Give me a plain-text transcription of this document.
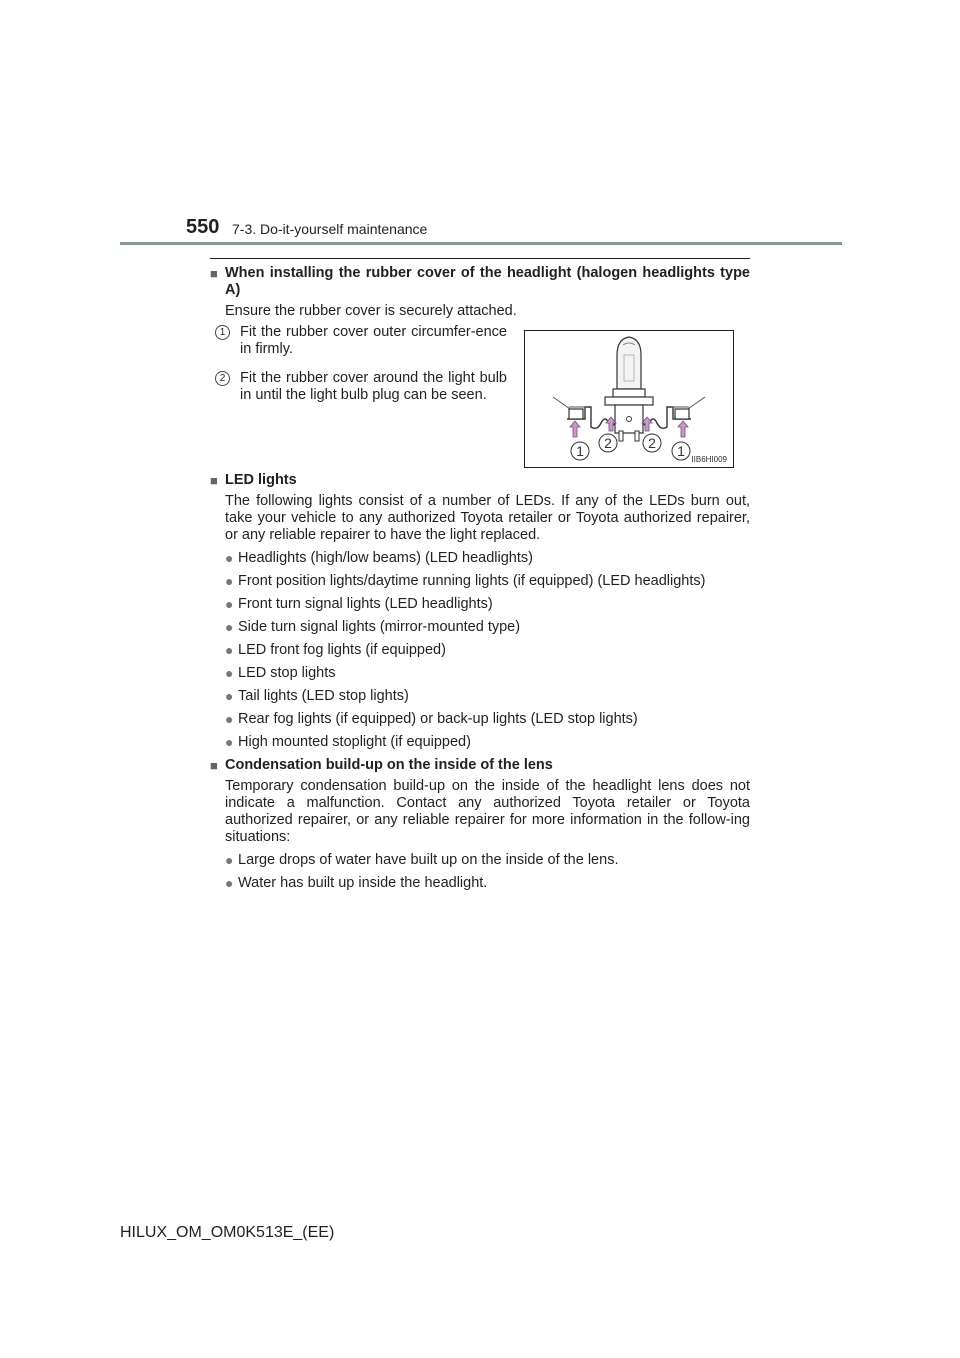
550 7-3. Do-it-yourself maintenance
■ When installing the rubber cover of the headlight (halogen headlights type A)
Ensure the rubber cover is securely attached.
1	Fit the rubber cover outer circumfer-ence in firmly.
2	Fit the rubber cover around the light bulb in until the light bulb plug can be seen.
1 2	2 1
IIB6HI009
■ LED lights
The following lights consist of a number of LEDs. If any of the LEDs burn out, take your vehicle to any authorized Toyota retailer or Toyota authorized repairer, or any reliable repairer to have the light replaced.
● Headlights (high/low beams) (LED headlights)
● Front position lights/daytime running lights (if equipped) (LED headlights)
● Front turn signal lights (LED headlights)
● Side turn signal lights (mirror-mounted type)
● LED front fog lights (if equipped)
● LED stop lights
● Tail lights (LED stop lights)
● Rear fog lights (if equipped) or back-up lights (LED stop lights)
● High mounted stoplight (if equipped)
■ Condensation build-up on the inside of the lens
Temporary condensation build-up on the inside of the headlight lens does not indicate a malfunction. Contact any authorized Toyota retailer or Toyota authorized repairer, or any reliable repairer for more information in the follow-ing situations:
● Large drops of water have built up on the inside of the lens.
● Water has built up inside the headlight.
HILUX_OM_OM0K513E_(EE)
